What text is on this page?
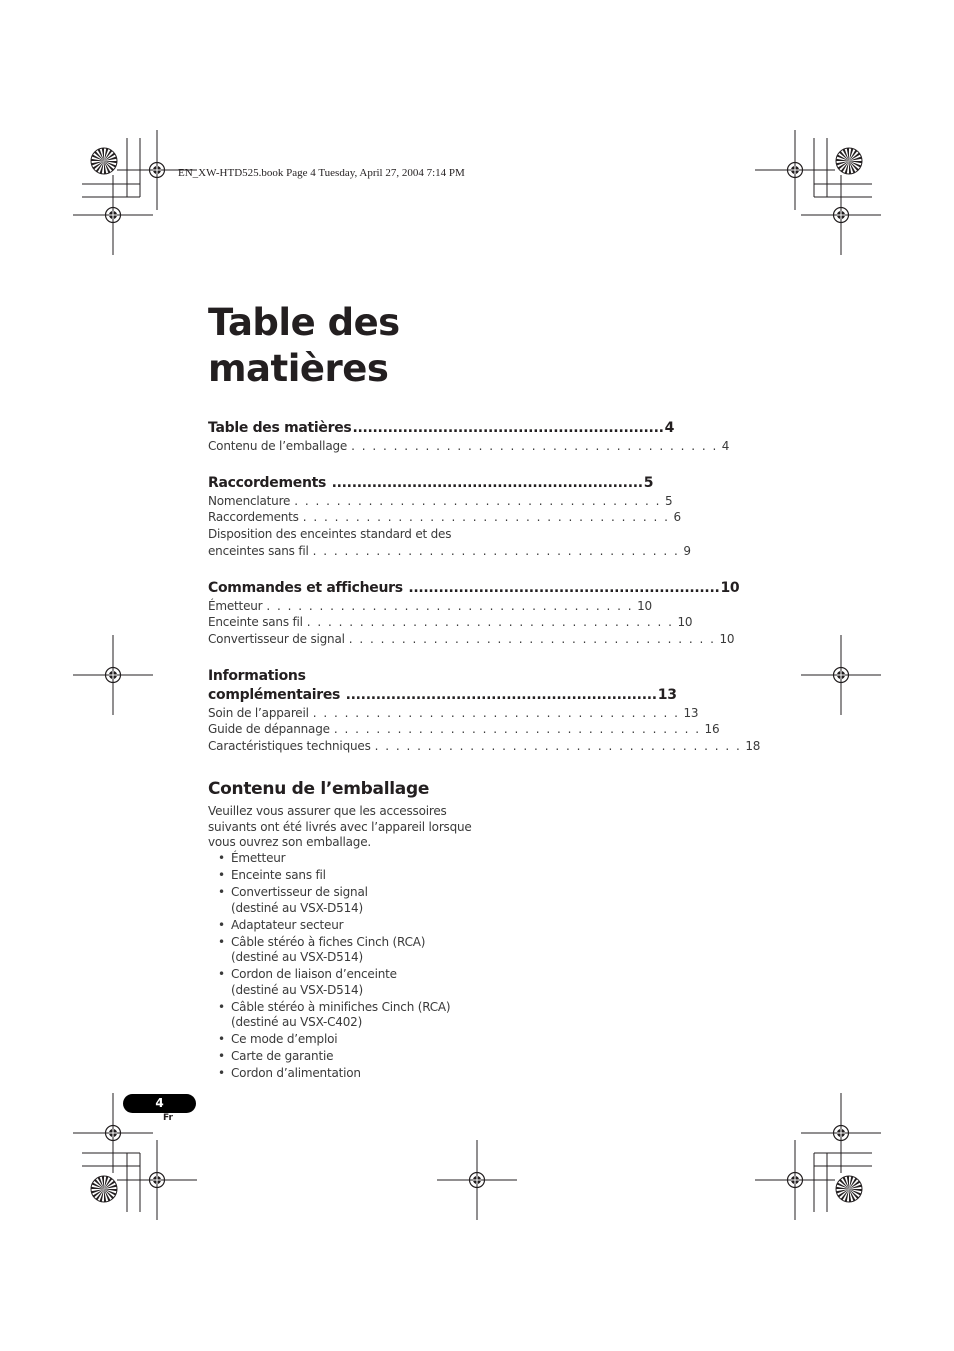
EN_XW-HTD525.book Page 4 Tuesday, April 27, 2004 7:14 PM
Table des
matières
Table des matières .............................................................. 4
Contenu de l’emballage . . . . . . . . . . . . . . . . . . . . . . . . . . . . . . . . . . . 4
Raccordements .............................................................. 5
Nomenclature . . . . . . . . . . . . . . . . . . . . . . . . . . . . . . . . . . . 5
Raccordements . . . . . . . . . . . . . . . . . . . . . . . . . . . . . . . . . . . 6
Disposition des enceintes standard et des
enceintes sans fil . . . . . . . . . . . . . . . . . . . . . . . . . . . . . . . . . . . 9
Commandes et afficheurs .............................................................. 10
Émetteur . . . . . . . . . . . . . . . . . . . . . . . . . . . . . . . . . . . 10
Enceinte sans fil . . . . . . . . . . . . . . . . . . . . . . . . . . . . . . . . . . . 10
Convertisseur de signal . . . . . . . . . . . . . . . . . . . . . . . . . . . . . . . . . . . 10
Informations
complémentaires .............................................................. 13
Soin de l’appareil . . . . . . . . . . . . . . . . . . . . . . . . . . . . . . . . . . . 13
Guide de dépannage . . . . . . . . . . . . . . . . . . . . . . . . . . . . . . . . . . . 16
Caractéristiques techniques . . . . . . . . . . . . . . . . . . . . . . . . . . . . . . . . . . . 18
Contenu de l’emballage
Veuillez vous assurer que les accessoires
suivants ont été livrés avec l’appareil lorsque
vous ouvrez son emballage.
• Émetteur
• Enceinte sans fil
• Convertisseur de signal
(destiné au VSX-D514)
• Adaptateur secteur
• Câble stéréo à fiches Cinch (RCA)
(destiné au VSX-D514)
• Cordon de liaison d’enceinte
(destiné au VSX-D514)
• Câble stéréo à minifiches Cinch (RCA)
(destiné au VSX-C402)
• Ce mode d’emploi
• Carte de garantie
• Cordon d’alimentation
4
Fr
